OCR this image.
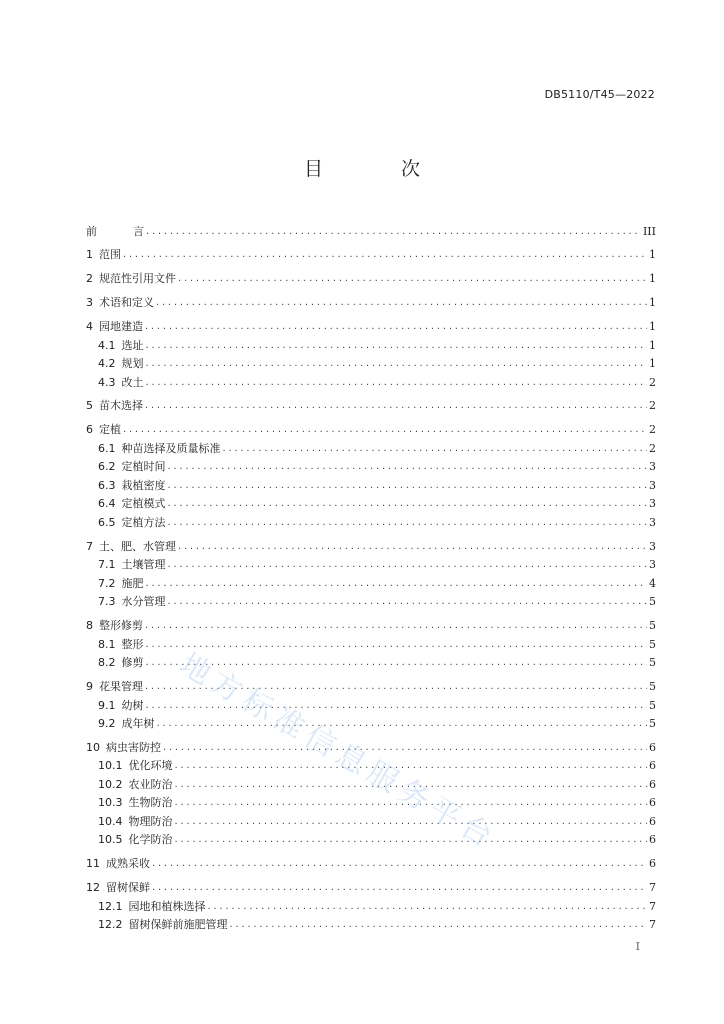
DB5110/T45—2022
目 次
前	言 . . .	III
1 范围 . . .	1
2 规范性引用文件 . . .	1
3 术语和定义 . . .	1
4 园地建造 . . .	1
4.1 选址 . . .	1
4.2 规划 . . .	1
4.3 改土 . . .	2
5 苗木选择 . . .	2
6 定植 . . .	2
6.1 种苗选择及质量标准 . . .	2
6.2 定植时间 . . .	3
6.3 栽植密度 . . .	3
6.4 定植模式 . . .	3
6.5 定植方法 . . .	3
7 土、肥、水管理 . . .	3
7.1 土壤管理 . . .	3
7.2 施肥 . . .	4
7.3 水分管理 . . .	5
8 整形修剪 . . .	5
8.1 整形 . . .	5
8.2 修剪 . . .	5
9 花果管理 . . .	5
9.1 幼树 . . .	5
9.2 成年树 . . .	5
10 病虫害防控 . . .	6
10.1 优化环境 . . .	6
10.2 农业防治 . . .	6
10.3 生物防治 . . .	6
10.4 物理防治 . . .	6
10.5 化学防治 . . .	6
11 成熟采收 . . .	6
12 留树保鲜 . . .	7
12.1 园地和植株选择 . . .	7
12.2 留树保鲜前施肥管理 . . .	7
I
地方标准信息服务平台
